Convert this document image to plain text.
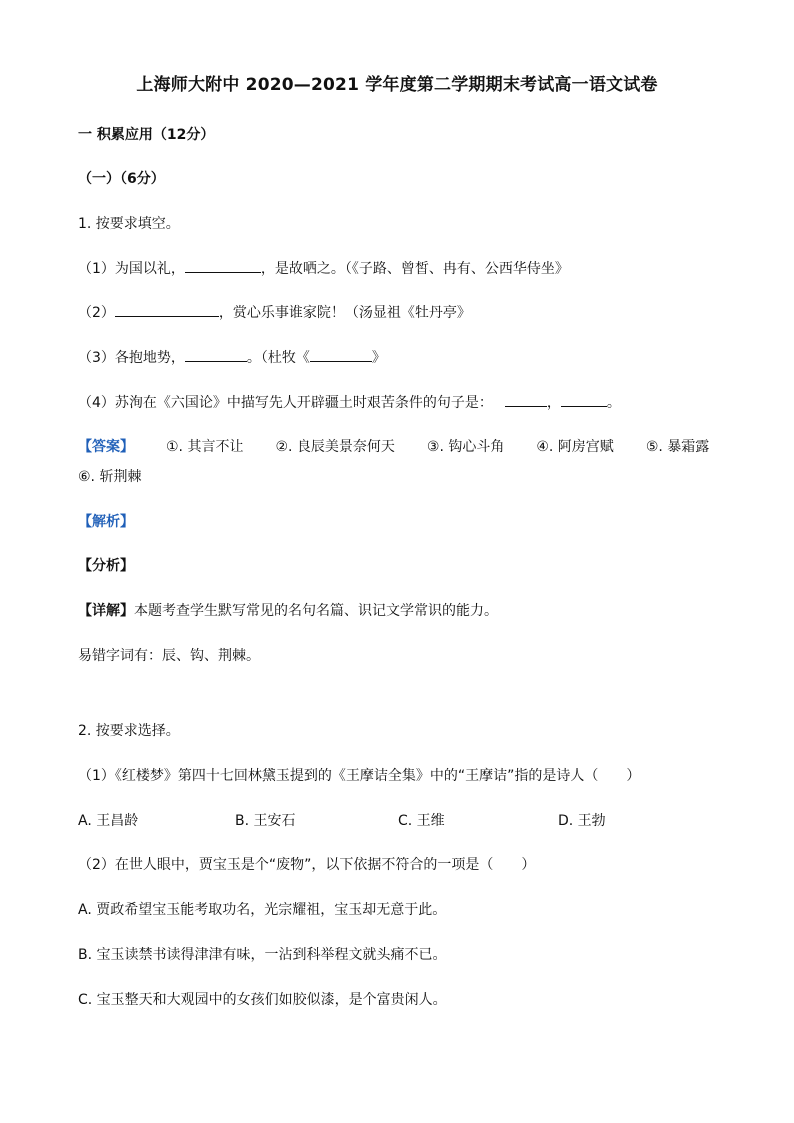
上海师大附中 2020—2021 学年度第二学期期末考试高一语文试卷
一 积累应用（12分）
（一）（6分）
1. 按要求填空。
（1）为国以礼，	，是故哂之。（《子路、曾皙、冉有、公西华侍坐》
（2）	，赏心乐事谁家院！（汤显祖《牡丹亭》
（3）各抱地势，	。（杜牧《	》
（4）苏洵在《六国论》中描写先人开辟疆土时艰苦条件的句子是：	，	。
【答案】 ①. 其言不让 ②. 良辰美景奈何天 ③. 钩心斗角 ④. 阿房宫赋 ⑤. 暴霜露
⑥. 斩荆棘
【解析】
【分析】
【详解】本题考查学生默写常见的名句名篇、识记文学常识的能力。
易错字词有：辰、钩、荆棘。
2. 按要求选择。
（1）《红楼梦》第四十七回林黛玉提到的《王摩诘全集》中的“王摩诘”指的是诗人（　　）
A. 王昌龄	B. 王安石	C. 王维	D. 王勃
（2）在世人眼中，贾宝玉是个“废物”，以下依据不符合的一项是（　　）
A. 贾政希望宝玉能考取功名，光宗耀祖，宝玉却无意于此。
B. 宝玉读禁书读得津津有味，一沾到科举程文就头痛不已。
C. 宝玉整天和大观园中的女孩们如胶似漆，是个富贵闲人。
